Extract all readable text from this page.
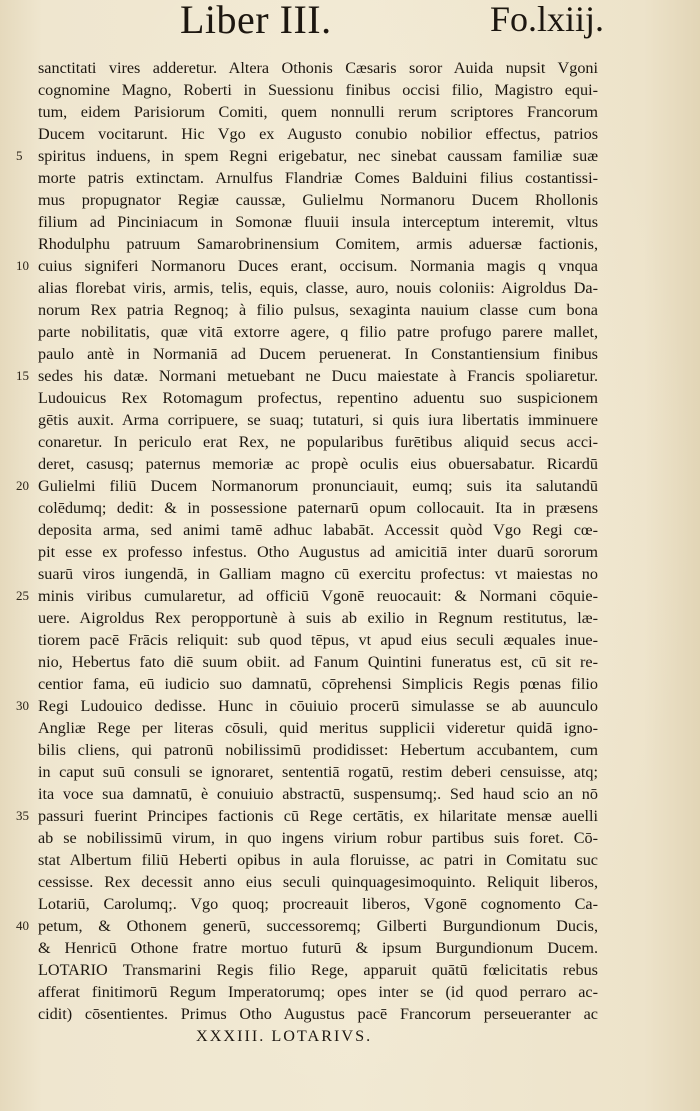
Liber III.	Fo.lxiij.
sanctitati vires adderetur. Altera Othonis Cæsaris soror Auida nupsit Vgoni
cognomine Magno, Roberti in Suessionu finibus occisi filio, Magistro equi-
tum, eidem Parisiorum Comiti, quem nonnulli rerum scriptores Francorum
Ducem vocitarunt. Hic Vgo ex Augusto conubio nobilior effectus, patrios
5 spiritus induens, in spem Regni erigebatur, nec sinebat caussam familiæ suæ
morte patris extinctam. Arnulfus Flandriæ Comes Balduini filius costantissi-
mus propugnator Regiæ caussæ, Gulielmu Normanoru Ducem Rhollonis
filium ad Pinciniacum in Somonæ fluuii insula interceptum interemit, vltus
Rhodulphu patruum Samarobrinensium Comitem, armis aduersæ factionis,
10 cuius signiferi Normanoru Duces erant, occisum. Normania magis q vnqua
alias florebat viris, armis, telis, equis, classe, auro, nouis coloniis: Aigroldus Da-
norum Rex patria Regnoq; à filio pulsus, sexaginta nauium classe cum bona
parte nobilitatis, quæ vitā extorre agere, q filio patre profugo parere mallet,
paulo antè in Normaniā ad Ducem peruenerat. In Constantiensium finibus
15 sedes his datæ. Normani metuebant ne Ducu maiestate à Francis spoliaretur.
Ludouicus Rex Rotomagum profectus, repentino aduentu suo suspicionem
gētis auxit. Arma corripuere, se suaq; tutaturi, si quis iura libertatis imminuere
conaretur. In periculo erat Rex, ne popularibus furētibus aliquid secus acci-
deret, casusq; paternus memoriæ ac propè oculis eius obuersabatur. Ricardū
20 Gulielmi filiū Ducem Normanorum pronunciauit, eumq; suis ita salutandū
colēdumq; dedit: & in possessione paternarū opum collocauit. Ita in præsens
deposita arma, sed animi tamē adhuc lababāt. Accessit quòd Vgo Regi cœ-
pit esse ex professo infestus. Otho Augustus ad amicitiā inter duarū sororum
suarū viros iungendā, in Galliam magno cū exercitu profectus: vt maiestas no
25 minis viribus cumularetur, ad officiū Vgonē reuocauit: & Normani cōquie-
uere. Aigroldus Rex peropportunè à suis ab exilio in Regnum restitutus, læ-
tiorem pacē Frācis reliquit: sub quod tēpus, vt apud eius seculi æquales inue-
nio, Hebertus fato diē suum obiit. ad Fanum Quintini funeratus est, cū sit re-
centior fama, eū iudicio suo damnatū, cōprehensi Simplicis Regis pœnas filio
30 Regi Ludouico dedisse. Hunc in cōuiuio procerū simulasse se ab auunculo
Angliæ Rege per literas cōsuli, quid meritus supplicii videretur quidā igno-
bilis cliens, qui patronū nobilissimū prodidisset: Hebertum accubantem, cum
in caput suū consuli se ignoraret, sententiā rogatū, restim deberi censuisse, atq;
ita voce sua damnatū, è conuiuio abstractū, suspensumq;. Sed haud scio an nō
35 passuri fuerint Principes factionis cū Rege certātis, ex hilaritate mensæ auelli
ab se nobilissimū virum, in quo ingens virium robur partibus suis foret. Cō-
stat Albertum filiū Heberti opibus in aula floruisse, ac patri in Comitatu suc
cessisse. Rex decessit anno eius seculi quinquagesimoquinto. Reliquit liberos,
Lotariū, Carolumq;. Vgo quoq; procreauit liberos, Vgonē cognomento Ca-
40 petum, & Othonem generū, successoremq; Gilberti Burgundionum Ducis,
& Henricū Othone fratre mortuo futurū & ipsum Burgundionum Ducem.
LOTARIO Transmarini Regis filio Rege, apparuit quātū fœlicitatis rebus
afferat finitimorū Regum Imperatorumq; opes inter se (id quod perraro ac-
cidit) cōsentientes. Primus Otho Augustus pacē Francorum perseueranter ac
XXXIII. LOTARIVS.
